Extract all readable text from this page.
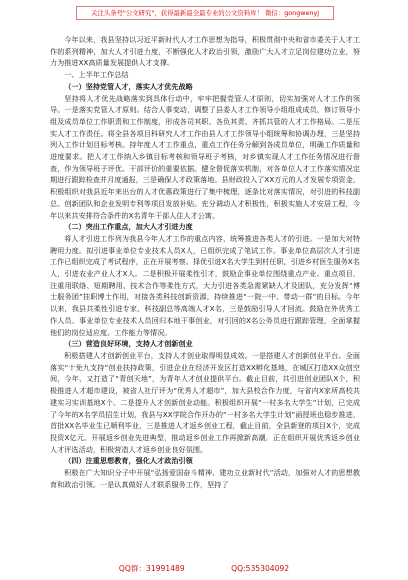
关注头条号"公文研究"，获得最新最全最专业的公文资料库！ 微信：gongwenyj

今年以来，我县坚持以习近平新时代人才工作思想为指导，积极贯彻中央和省市委关于人才工作的系列精神，加大人才引进力度，不断强化人才政治引领，激励广大人才立足岗位建功立业，努力为推进XX高质量发展提供人才支撑。

一、上半年工作总结

（一）坚持党管人才，落实人才优先战略

坚持将人才优先战略落实到具体行动中，牢牢把握党管人才原则，切实加强对人才工作的领导。一是落实党管人才原则。结合人事变动，调整了县委人才工作领导小组组成成员，修订领导小组及成员单位工作职责和工作制度，形成各司其职、各负其责、齐抓共管的人才工作格局。二是压实人才工作责任。将全县各项目科研究人才工作由县人才工作领导小组统筹和协调办理，三是坚持列入工作计划目标考核。持年度人才工作重点，重点工作任务分解到各成员单位，明确工作质量和进度要求。把人才工作纳入乡镇目标考核和领导班子考核，对乡镇实现人才工作任务情况进行督查，作为领导班子评优、干部评价的重要依据。健全督促落实机制，对各单位人才工作落实情况定期进行跟踪检查并月度通报，三是确保人才政策落地。县财政投入了XX万元的人才发展专项资金，积极组织对我县近年来出台的人才优惠政策进行了集中梳理，逐条比对落实情况，对引进的科技副总、创新团队和企业发明专利等项目发放补贴。充分调动人才积极性，积极实施人才安居工程，今年以来共安排符合条件的X名青年干部人住人才公寓。

（二）突出工作重点，加大人才引进力度

将人才引进工作列为我县今年人才工作的重点内容，统筹推进各类人才的引进。一是加大对特聘用力度。拟引进事业单位专业技术人员X人，已组织完成了笔试工作。事业单位高层次人才引进工作已组织完成了考试程序，正在开展考察。择优引进X名大学生到村任职，引进乡村医生服务X名人，引进农业产业人才X人。二是积极开展柔性引才，鼓励企事业单位围绕重点产业、重点项目，注重用联络、短期聘用、技术合作等柔性方式，大力引进各类急需紧缺人才及团队，充分发挥“博士服务团”挂职博士作用，对接各类科技创新资源，持续推进“一院一中、带动一群”的目标。今年以来，我县共柔性引进专家、科技副总等高端人才X名，三是鼓励引导人才回流。鼓励在外优秀工作人员、事业单位专业技术人员回归本地干事创业，对引回的X名公务员进行跟踪管理，全面掌握他们的岗位适应度、工作能力等情况。

（三）营造良好环境，支持人才创新创业

积极搭建人才创新创业平台，支持人才创业取得明显成效。一是搭建人才创新创业平台。全面落实“十免九支持”创业扶持政策，引进企业在经济开发区打造XX孵化基地，在城区打造XX众创空间，今年，又打造了“青创天地”，为青年人才创业提供平台。截止目前，共引进创业团队X个，积极推进人才超市建设，被省人社厅评为“优秀人才超市”，加大县校合作力度，与省内X家所高校共建实习实训基地X个。二是提升人才创新创业动能。积极组织开展“一村多名大学生”计划，已完成了今年的X名学员招生计划，我县与XX学院合作开办的“一村多名大学生计划”函授班也稳步推进，首批XX名毕业生已顺利毕业，三是推进人才返乡创业工程，截止目前，全县新登的项目X个，完成投资X亿元。开展返乡创业先进典型，推动返乡创业工作再掀新高潮，正在组织开展优秀返乡创业人才评选活动，积极营造人才返乡创业良好氛围。

（四）注重思想教育，强化人才政治引领

积极在广大知识分子中开展“弘扬爱国奋斗精神、建功立业新时代”活动，加强对人才的思想教育和政治引领。一是认真做好人才联系服务工作，坚持了

QQ群：31991489	QQ:535304092
